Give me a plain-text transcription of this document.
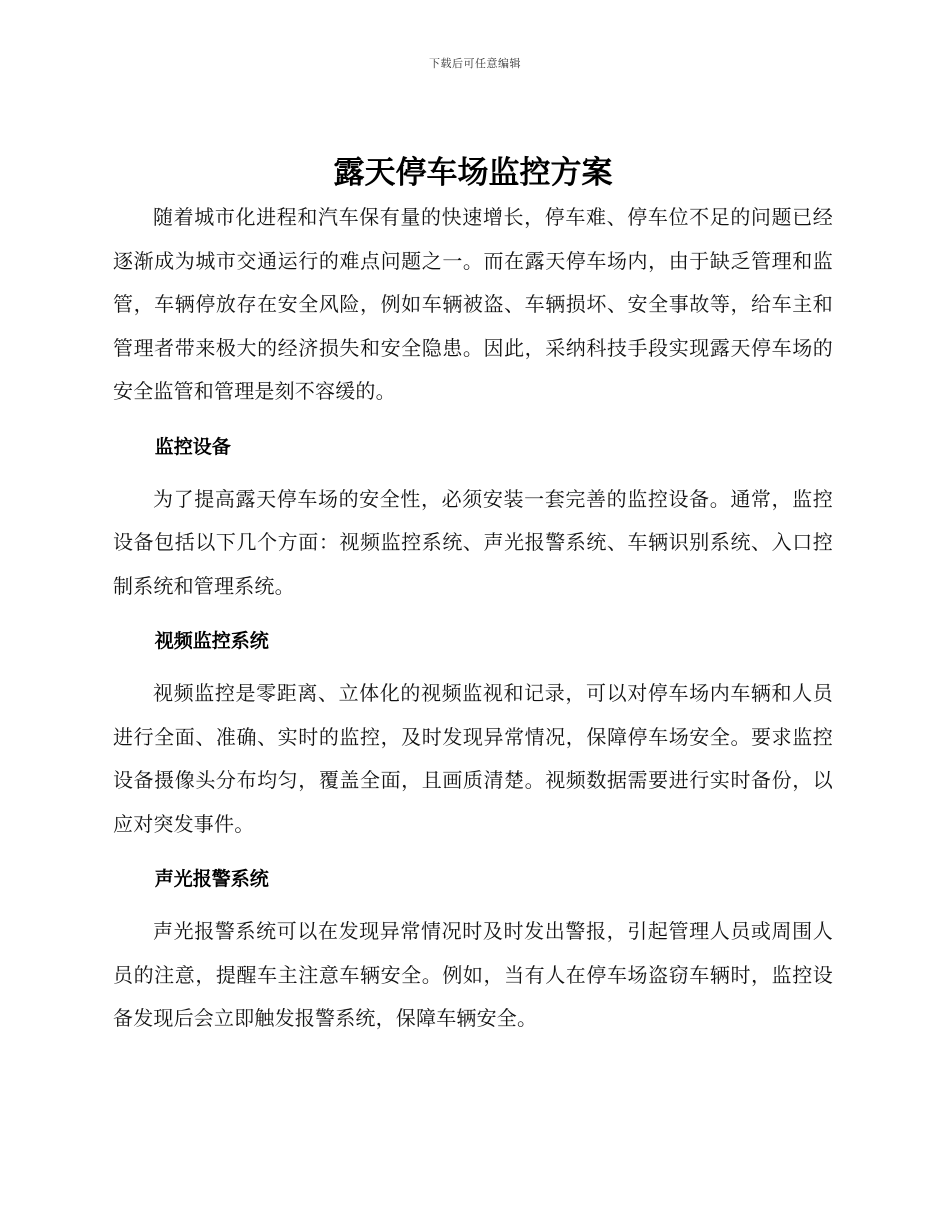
下载后可任意编辑
露天停车场监控方案

随着城市化进程和汽车保有量的快速增长，停车难、停车位不足的问题已经逐渐成为城市交通运行的难点问题之一。而在露天停车场内，由于缺乏管理和监管，车辆停放存在安全风险，例如车辆被盗、车辆损坏、安全事故等，给车主和管理者带来极大的经济损失和安全隐患。因此，采纳科技手段实现露天停车场的安全监管和管理是刻不容缓的。

监控设备

为了提高露天停车场的安全性，必须安装一套完善的监控设备。通常，监控设备包括以下几个方面：视频监控系统、声光报警系统、车辆识别系统、入口控制系统和管理系统。

视频监控系统

视频监控是零距离、立体化的视频监视和记录，可以对停车场内车辆和人员进行全面、准确、实时的监控，及时发现异常情况，保障停车场安全。要求监控设备摄像头分布均匀，覆盖全面，且画质清楚。视频数据需要进行实时备份，以应对突发事件。

声光报警系统

声光报警系统可以在发现异常情况时及时发出警报，引起管理人员或周围人员的注意，提醒车主注意车辆安全。例如，当有人在停车场盗窃车辆时，监控设备发现后会立即触发报警系统，保障车辆安全。
